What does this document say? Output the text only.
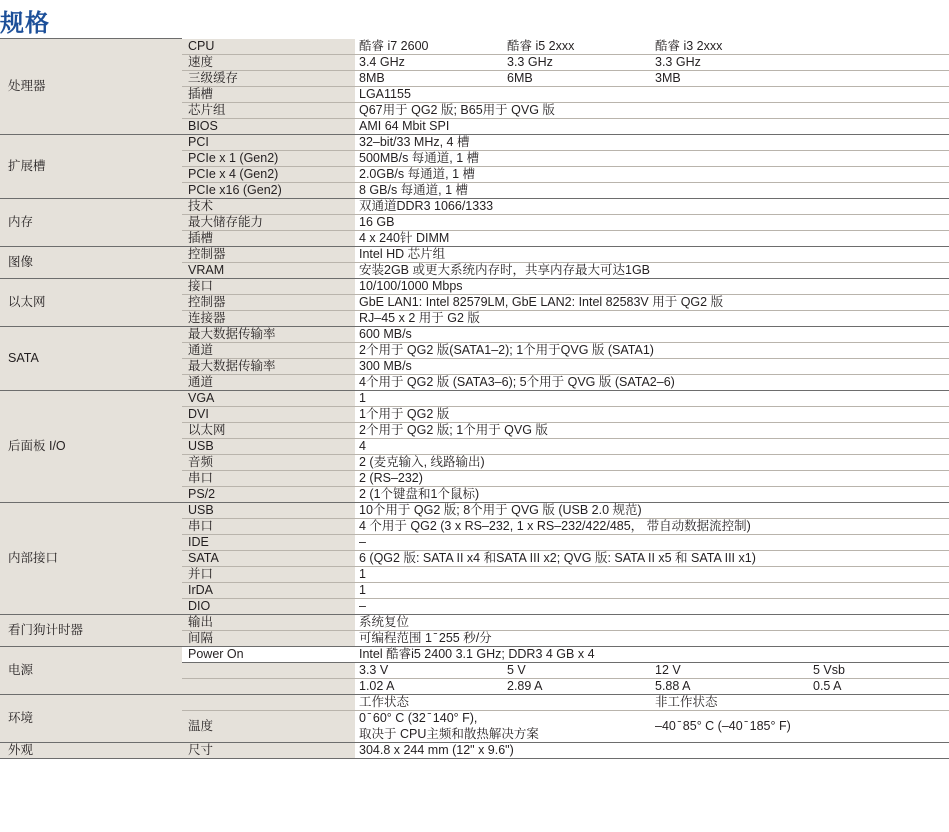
规格
处理器	CPU	酷睿 i7 2600	酷睿 i5 2xxx	酷睿 i3 2xxx	
	速度	3.4 GHz	3.3 GHz	3.3 GHz	
	三级缓存	8MB	6MB	3MB	
	插槽	LGA1155			
	芯片组	Q67用于 QG2 版; B65用于 QVG 版			
	BIOS	AMI 64 Mbit SPI			
扩展槽	PCI	32–bit/33 MHz, 4 槽			
	PCIe x 1 (Gen2)	500MB/s 每通道, 1 槽			
	PCIe x 4 (Gen2)	2.0GB/s 每通道, 1 槽			
	PCIe x16 (Gen2)	8 GB/s 每通道, 1 槽			
内存	技术	双通道DDR3 1066/1333			
	最大储存能力	16 GB			
	插槽	4 x 240针 DIMM			
图像	控制器	Intel HD 芯片组			
	VRAM	安装2GB 或更大系统内存时，共享内存最大可达1GB			
以太网	接口	10/100/1000 Mbps			
	控制器	GbE LAN1: Intel 82579LM, GbE LAN2: Intel 82583V 用于 QG2 版			
	连接器	RJ–45 x 2 用于 G2 版			
SATA	最大数据传输率	600 MB/s			
	通道	2个用于 QG2 版(SATA1–2); 1个用于QVG 版 (SATA1)			
	最大数据传输率	300 MB/s			
	通道	4个用于 QG2 版 (SATA3–6); 5个用于 QVG 版 (SATA2–6)			
后面板 I/O	VGA	1			
	DVI	1个用于 QG2 版			
	以太网	2个用于 QG2 版; 1个用于 QVG 版			
	USB	4			
	音频	2 (麦克输入, 线路输出)			
	串口	2 (RS–232)			
	PS/2	2 (1个键盘和1个鼠标)			
内部接口	USB	10个用于 QG2 版; 8个用于 QVG 版 (USB 2.0 规范)			
	串口	4 个用于 QG2 (3 x RS–232, 1 x RS–232/422/485， 带自动数据流控制)			
	IDE	–			
	SATA	6 (QG2 版: SATA II x4 和SATA III x2; QVG 版: SATA II x5 和 SATA III x1)			
	并口	1			
	IrDA	1			
	DIO	–			
看门狗计时器	输出	系统复位			
	间隔	可编程范围 1 ̄ 255 秒/分			
电源	Power On	Intel 酷睿i5 2400 3.1 GHz; DDR3 4 GB x 4			
		3.3 V	5 V	12 V	5 Vsb
		1.02 A	2.89 A	5.88 A	0.5 A
环境		工作状态		非工作状态	
	温度	0 ̄ 60° C (32 ̄ 140° F),		–40 ̄ 85° C (–40 ̄ 185° F)	
		取决于 CPU主频和散热解决方案			
外观	尺寸	304.8 x 244 mm (12" x 9.6")			
